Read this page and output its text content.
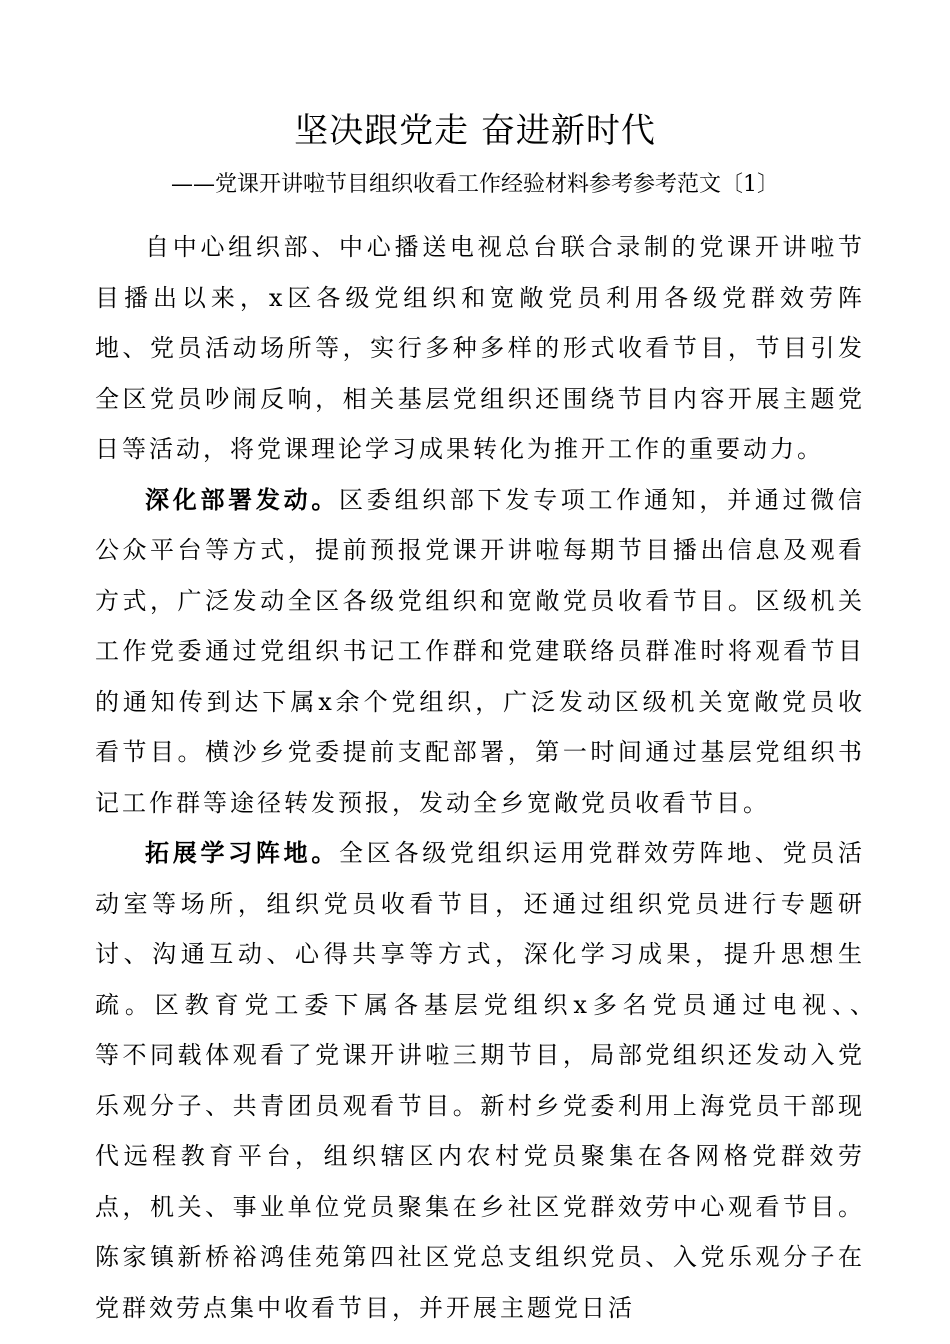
坚决跟党走 奋进新时代
——党课开讲啦节目组织收看工作经验材料参考参考范文〔1〕

自中心组织部、中心播送电视总台联合录制的党课开讲啦节目播出以来，x区各级党组织和宽敞党员利用各级党群效劳阵地、党员活动场所等，实行多种多样的形式收看节目，节目引发全区党员吵闹反响，相关基层党组织还围绕节目内容开展主题党日等活动，将党课理论学习成果转化为推开工作的重要动力。

深化部署发动。区委组织部下发专项工作通知，并通过微信公众平台等方式，提前预报党课开讲啦每期节目播出信息及观看方式，广泛发动全区各级党组织和宽敞党员收看节目。区级机关工作党委通过党组织书记工作群和党建联络员群准时将观看节目的通知传到达下属x余个党组织，广泛发动区级机关宽敞党员收看节目。横沙乡党委提前支配部署，第一时间通过基层党组织书记工作群等途径转发预报，发动全乡宽敞党员收看节目。

拓展学习阵地。全区各级党组织运用党群效劳阵地、党员活动室等场所，组织党员收看节目，还通过组织党员进行专题研讨、沟通互动、心得共享等方式，深化学习成果，提升思想生疏。区教育党工委下属各基层党组织x多名党员通过电视、、　　等不同载体观看了党课开讲啦三期节目，局部党组织还发动入党乐观分子、共青团员观看节目。新村乡党委利用上海党员干部现代远程教育平台，组织辖区内农村党员聚集在各网格党群效劳点，机关、事业单位党员聚集在乡社区党群效劳中心观看节目。陈家镇新桥裕鸿佳苑第四社区党总支组织党员、入党乐观分子在党群效劳点集中收看节目，并开展主题党日活
